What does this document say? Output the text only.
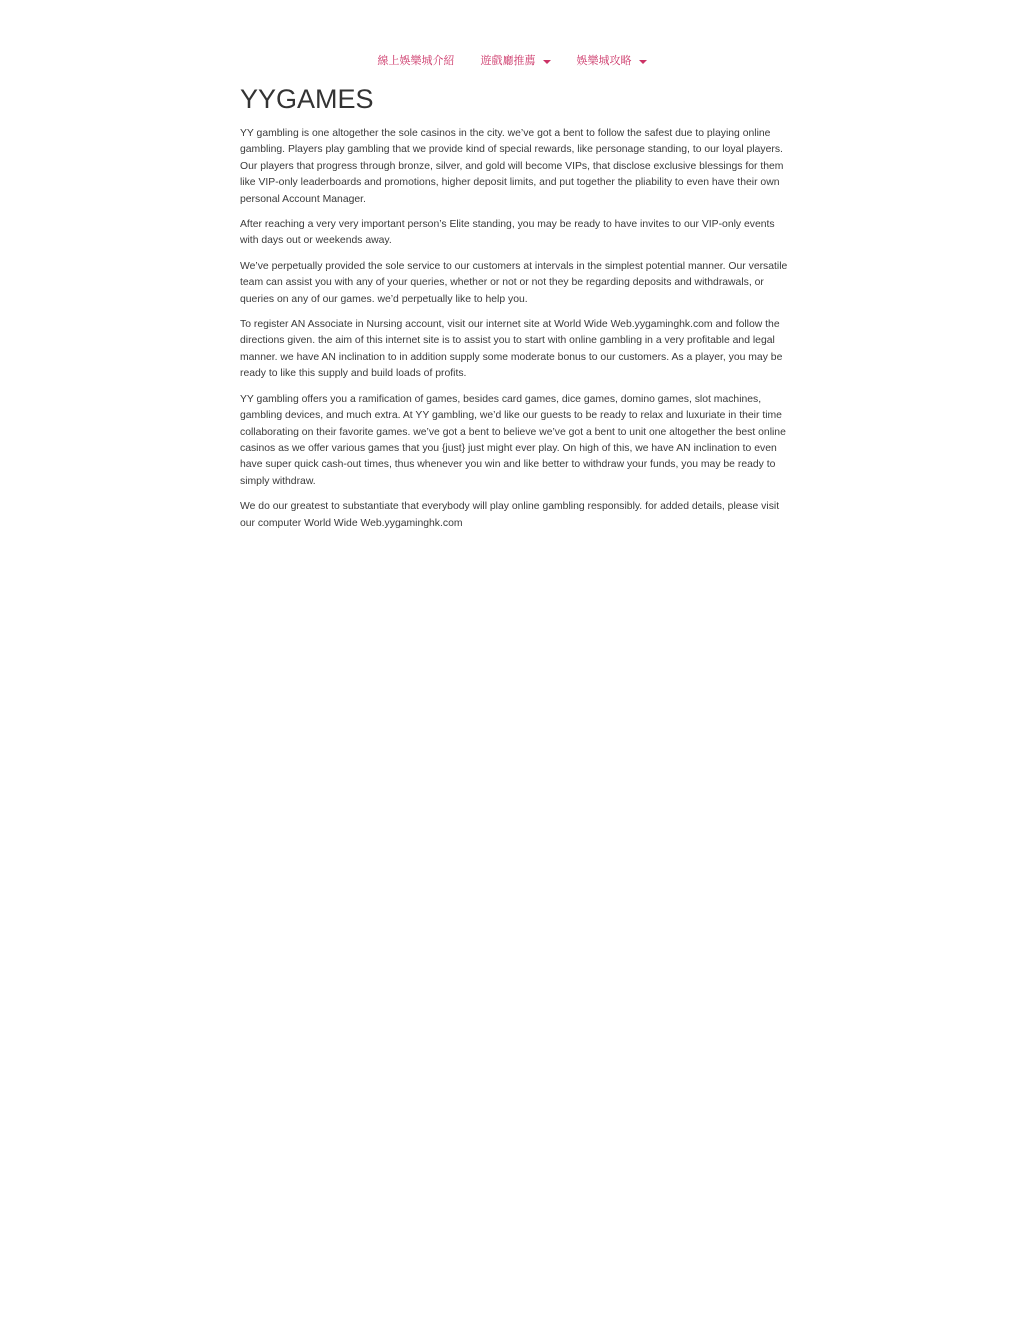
線上娛樂城介紹 遊戲廳推薦	娛樂城攻略
YYGAMES

YY gambling is one altogether the sole casinos in the city. we’ve got a bent to follow the safest due to playing online gambling. Players play gambling that we provide kind of special rewards, like personage standing, to our loyal players. Our players that progress through bronze, silver, and gold will become VIPs, that disclose exclusive blessings for them like VIP-only leaderboards and promotions, higher deposit limits, and put together the pliability to even have their own personal Account Manager.

After reaching a very very important person’s Elite standing, you may be ready to have invites to our VIP-only events with days out or weekends away.

We’ve perpetually provided the sole service to our customers at intervals in the simplest potential manner. Our versatile team can assist you with any of your queries, whether or not or not they be regarding deposits and withdrawals, or queries on any of our games. we’d perpetually like to help you.

To register AN Associate in Nursing account, visit our internet site at World Wide Web.yygaminghk.com and follow the directions given. the aim of this internet site is to assist you to start with online gambling in a very profitable and legal manner. we have AN inclination to in addition supply some moderate bonus to our customers. As a player, you may be ready to like this supply and build loads of profits.

YY gambling offers you a ramification of games, besides card games, dice games, domino games, slot machines, gambling devices, and much extra. At YY gambling, we’d like our guests to be ready to relax and luxuriate in their time collaborating on their favorite games. we’ve got a bent to believe we’ve got a bent to unit one altogether the best online casinos as we offer various games that you {just} just might ever play. On high of this, we have AN inclination to even have super quick cash-out times, thus whenever you win and like better to withdraw your funds, you may be ready to simply withdraw.

We do our greatest to substantiate that everybody will play online gambling responsibly. for added details, please visit our computer World Wide Web.yygaminghk.com
